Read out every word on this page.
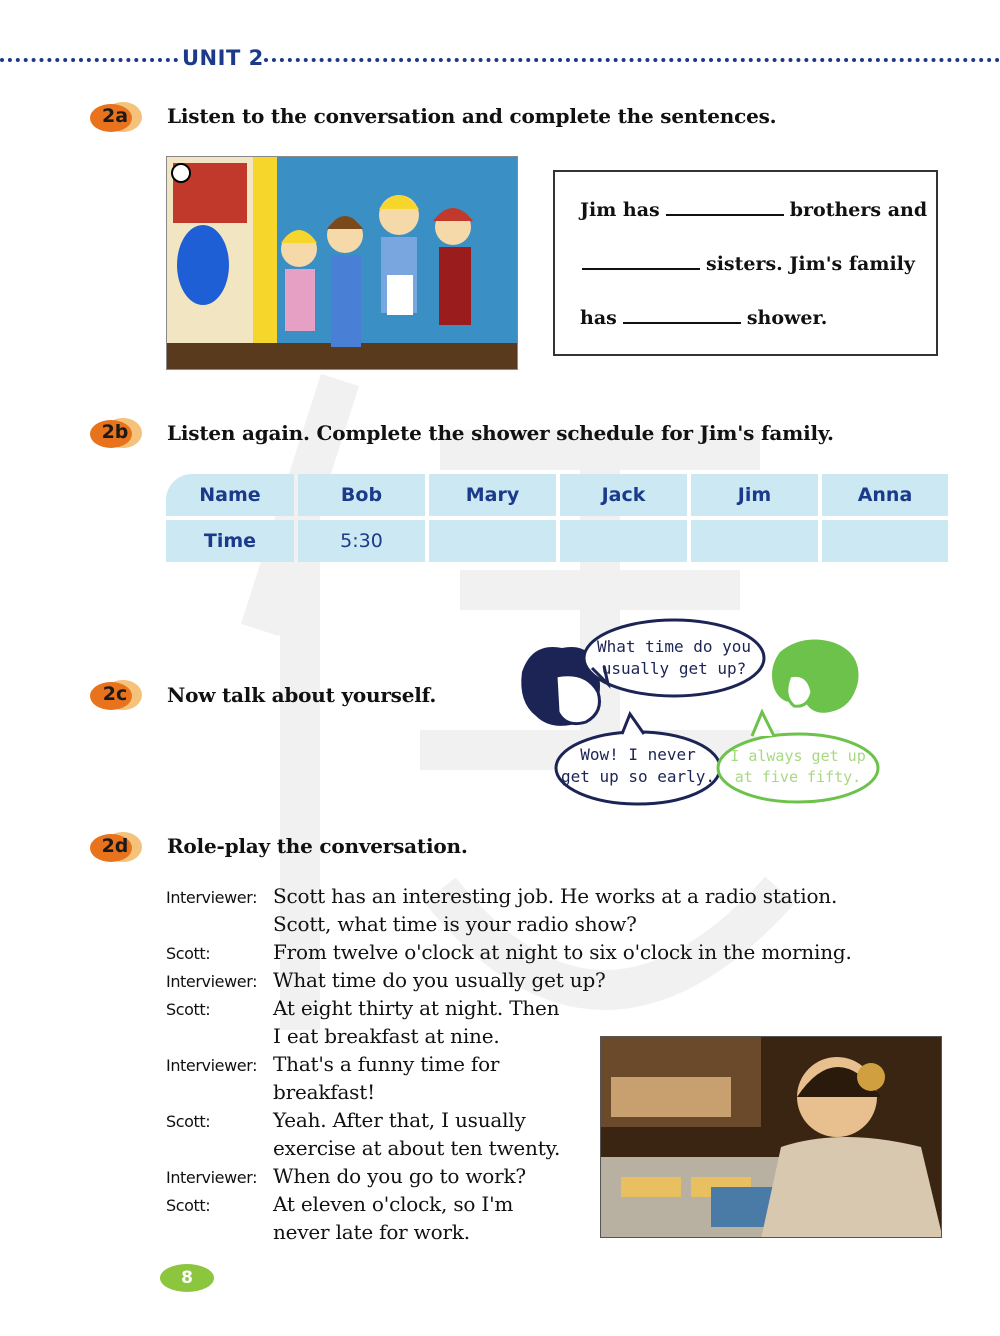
UNIT 2
2a Listen to the conversation and complete the sentences.
Jim has	brothers and
sisters. Jim's family
has	shower.
2b Listen again. Complete the shower schedule for Jim's family.
Name	Bob	Mary	Jack	Jim	Anna
Time	5:30
2c	Now talk about yourself.
What time do you
usually get up?
Wow! I never
get up so early.
I always get up
at five fifty.
2d Role-play the conversation.
Interviewer: Scott has an interesting job. He works at a radio station.
Scott, what time is your radio show?
Scott:	From twelve o'clock at night to six o'clock in the morning.
Interviewer: What time do you usually get up?
Scott:	At eight thirty at night. Then
I eat breakfast at nine.
Interviewer: That's a funny time for
breakfast!
Scott:	Yeah. After that, I usually
exercise at about ten twenty.
Interviewer: When do you go to work?
Scott:	At eleven o'clock, so I'm
never late for work.
8
